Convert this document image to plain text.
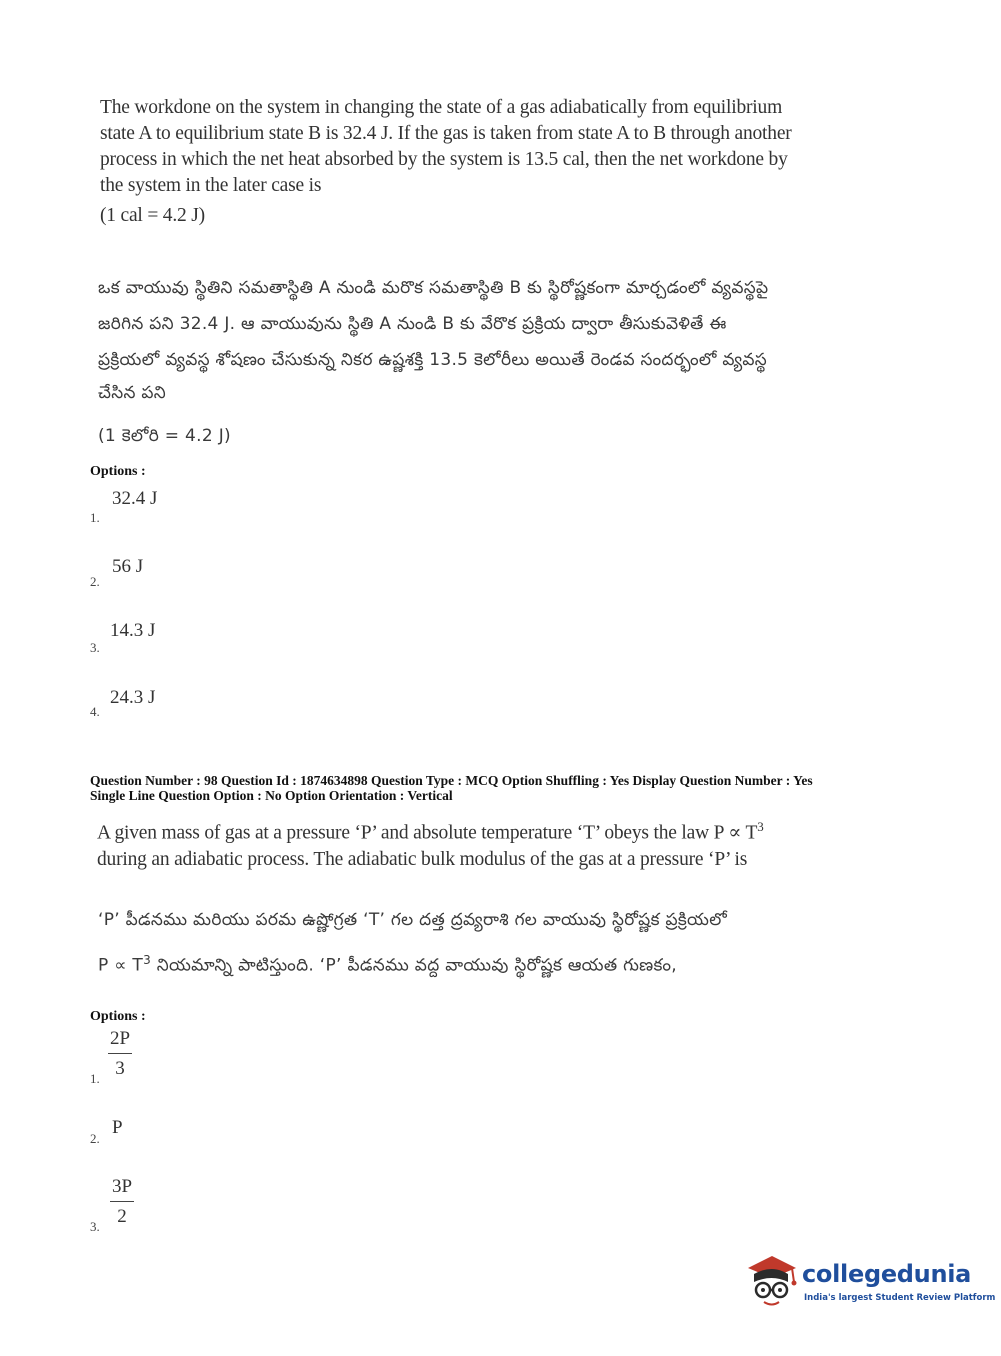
The workdone on the system in changing the state of a gas adiabatically from equilibrium
state A to equilibrium state B is 32.4 J. If the gas is taken from state A to B through another
process in which the net heat absorbed by the system is 13.5 cal, then the net workdone by
the system in the later case is
(1 cal = 4.2 J)
ఒక వాయువు స్థితిని సమతాస్థితి A నుండి మరొక సమతాస్థితి B కు స్థిరోష్ణకంగా మార్చడంలో వ్యవస్థపై
జరిగిన పని 32.4 J. ఆ వాయువును స్థితి A నుండి B కు వేరొక ప్రక్రియ ద్వారా తీసుకువెళితే ఈ
ప్రక్రియలో వ్యవస్థ శోషణం చేసుకున్న నికర ఉష్ణశక్తి 13.5 కెలోరీలు అయితే రెండవ సందర్భంలో వ్యవస్థ
చేసిన పని
(1 కెలోరి = 4.2 J)
Options :
32.4 J
1.
56 J
2.
14.3 J
3.
24.3 J
4.
Question Number : 98 Question Id : 1874634898 Question Type : MCQ Option Shuffling : Yes Display Question Number : Yes
Single Line Question Option : No Option Orientation : Vertical
A given mass of gas at a pressure ‘P’ and absolute temperature ‘T’ obeys the law $P \propto T^3$
during an adiabatic process. The adiabatic bulk modulus of the gas at a pressure ‘P’ is
‘P’ పీడనము మరియు పరమ ఉష్ణోగ్రత ‘T’ గల దత్త ద్రవ్యరాశి గల వాయువు స్థిరోష్ణక ప్రక్రియలో
$P \propto T^3$ నియమాన్ని పాటిస్తుంది. ‘P’ పీడనము వద్ద వాయువు స్థిరోష్ణక ఆయత గుణకం,
Options :
$\frac{2P}{3}$
1.
P
2.
$\frac{3P}{2}$
3.
collegedunia
India's largest Student Review Platform
